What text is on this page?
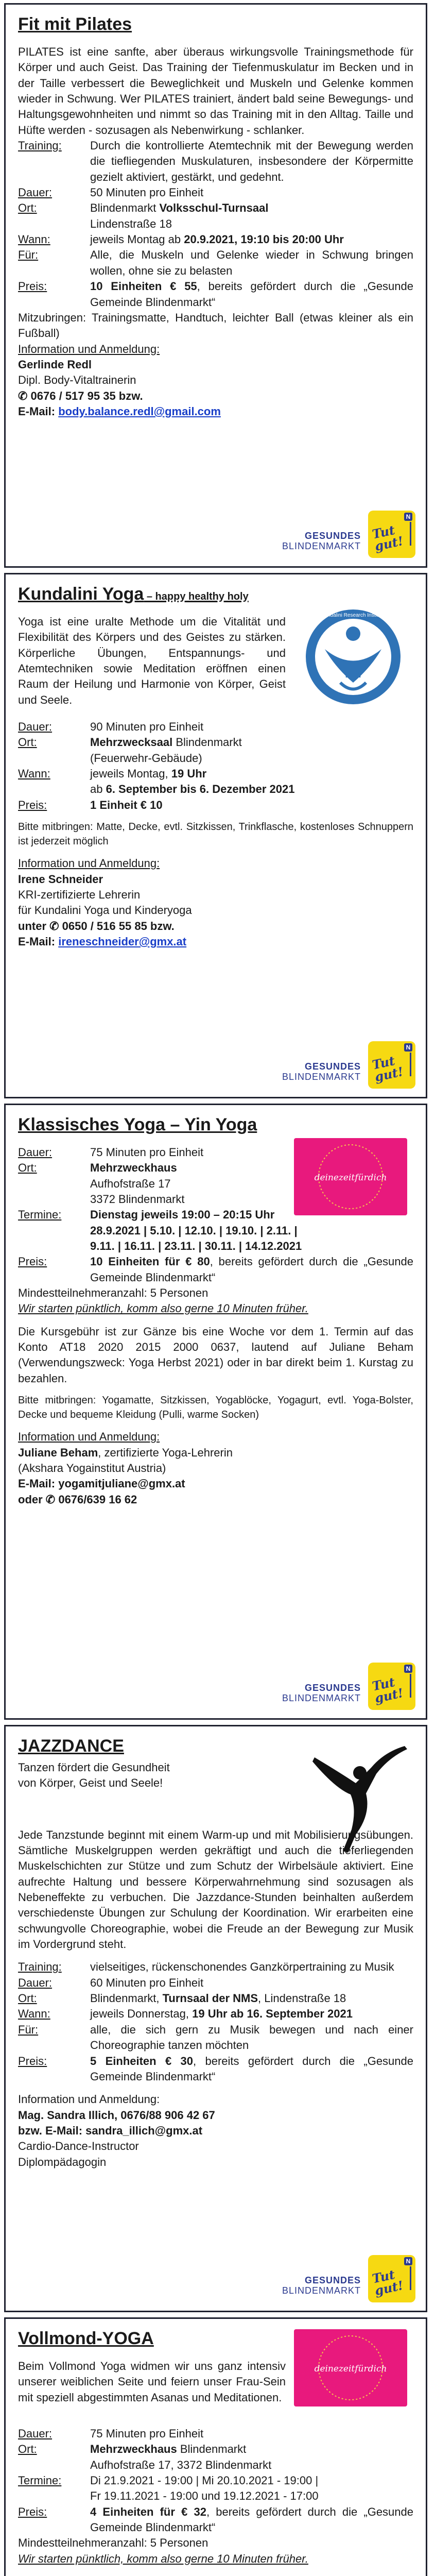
Fit mit Pilates

PILATES ist eine sanfte, aber überaus wirkungsvolle Trainingsmethode für Körper und auch Geist. Das Training der Tiefenmuskulatur im Becken und in der Taille verbessert die Beweglichkeit und Muskeln und Gelenke kommen wieder in Schwung. Wer PILATES trainiert, ändert bald seine Bewegungs- und Haltungsgewohnheiten und nimmt so das Training mit in den Alltag. Taille und Hüfte werden - sozusagen als Nebenwirkung - schlanker.

Training:	Durch die kontrollierte Atemtechnik mit der Bewegung werden die tiefliegenden Muskulaturen, insbesondere der Körpermitte gezielt aktiviert, gestärkt, und gedehnt.
Dauer:	50 Minuten pro Einheit
Ort:	Blindenmarkt Volksschul-Turnsaal
Lindenstraße 18
Wann:	jeweils Montag ab 20.9.2021, 19:10 bis 20:00 Uhr
Für:	Alle, die Muskeln und Gelenke wieder in Schwung bringen wollen, ohne sie zu belasten
Preis:	10 Einheiten € 55, bereits gefördert durch die „Gesunde Gemeinde Blindenmarkt“

Mitzubringen: Trainingsmatte, Handtuch, leichter Ball (etwas kleiner als ein Fußball)

Information und Anmeldung:
Gerlinde Redl
Dipl. Body-Vitaltrainerin
✆ 0676 / 517 95 35 bzw.
E-Mail: body.balance.redl@gmail.com
GESUNDES
BLINDENMARKT
N
Tut gut!
Kundalini Yoga – happy healthy holy
KRI
Kundalini Research Institute

Yoga ist eine uralte Methode um die Vitalität und Flexibilität des Körpers und des Geistes zu stärken. Körperliche Übungen, Entspannungs- und Atemtechniken sowie Meditation eröffnen einen Raum der Heilung und Harmonie von Körper, Geist und Seele.

Dauer:	90 Minuten pro Einheit
Ort:	Mehrzwecksaal Blindenmarkt
(Feuerwehr-Gebäude)
Wann:	jeweils Montag, 19 Uhr
ab 6. September bis 6. Dezember 2021
Preis:	1 Einheit € 10

Bitte mitbringen: Matte, Decke, evtl. Sitzkissen, Trinkflasche, kostenloses Schnuppern ist jederzeit möglich

Information und Anmeldung:
Irene Schneider
KRI-zertifizierte Lehrerin
für Kundalini Yoga und Kinderyoga
unter ✆ 0650 / 516 55 85 bzw.
E-Mail: ireneschneider@gmx.at
GESUNDES
BLINDENMARKT
N
Tut gut!
Klassisches Yoga – Yin Yoga
deinezeitfürdich
Dauer:	75 Minuten pro Einheit
Ort:	Mehrzweckhaus
Aufhofstraße 17
3372 Blindenmarkt
Termine:	Dienstag jeweils 19:00 – 20:15 Uhr
28.9.2021 | 5.10. | 12.10. | 19.10. | 2.11. |
9.11. | 16.11. | 23.11. | 30.11. | 14.12.2021
Preis:	10 Einheiten für € 80, bereits gefördert durch die „Gesunde Gemeinde Blindenmarkt“

Mindestteilnehmeranzahl: 5 Personen

Wir starten pünktlich, komm also gerne 10 Minuten früher.

Die Kursgebühr ist zur Gänze bis eine Woche vor dem 1. Termin auf das Konto AT18 2020 2015 2000 0637, lautend auf Juliane Beham (Verwendungszweck: Yoga Herbst 2021) oder in bar direkt beim 1. Kurstag zu bezahlen.

Bitte mitbringen: Yogamatte, Sitzkissen, Yogablöcke, Yogagurt, evtl. Yoga-Bolster, Decke und bequeme Kleidung (Pulli, warme Socken)

Information und Anmeldung:
Juliane Beham, zertifizierte Yoga-Lehrerin
(Akshara Yogainstitut Austria)
E-Mail: yogamitjuliane@gmx.at
oder ✆ 0676/639 16 62
GESUNDES
BLINDENMARKT
N
Tut gut!
JAZZDANCE

Tanzen fördert die Gesundheit

von Körper, Geist und Seele!

Jede Tanzstunde beginnt mit einem Warm-up und mit Mobilisierungsübungen. Sämtliche Muskelgruppen werden gekräftigt und auch die tieferliegenden Muskelschichten zur Stütze und zum Schutz der Wirbelsäule aktiviert. Eine aufrechte Haltung und bessere Körperwahrnehmung sind sozusagen als Nebeneffekte zu verbuchen. Die Jazzdance-Stunden beinhalten außerdem verschiedenste Übungen zur Schulung der Koordination. Wir erarbeiten eine schwungvolle Choreographie, wobei die Freude an der Bewegung zur Musik im Vordergrund steht.

Training:	vielseitiges, rückenschonendes Ganzkörpertraining zu Musik
Dauer:	60 Minuten pro Einheit
Ort:	Blindenmarkt, Turnsaal der NMS, Lindenstraße 18
Wann:	jeweils Donnerstag, 19 Uhr ab 16. September 2021
Für:	alle, die sich gern zu Musik bewegen und nach einer Choreographie tanzen möchten
Preis:	5 Einheiten € 30, bereits gefördert durch die „Gesunde Gemeinde Blindenmarkt“
Information und Anmeldung:
Mag. Sandra Illich, 0676/88 906 42 67
bzw. E-Mail: sandra_illich@gmx.at
Cardio-Dance-Instructor
Diplompädagogin
GESUNDES
BLINDENMARKT
N
Tut gut!
Vollmond-YOGA
deinezeitfürdich

Beim Vollmond Yoga widmen wir uns ganz intensiv unserer weiblichen Seite und feiern unser Frau-Sein mit speziell abgestimmten Asanas und Meditationen.

Dauer:	75 Minuten pro Einheit
Ort:	Mehrzweckhaus Blindenmarkt
Aufhofstraße 17, 3372 Blindenmarkt
Termine:	Di 21.9.2021 - 19:00 | Mi 20.10.2021 - 19:00 |
Fr 19.11.2021 - 19:00 und 19.12.2021 - 17:00
Preis:	4 Einheiten für € 32, bereits gefördert durch die „Gesunde Gemeinde Blindenmarkt“

Mindestteilnehmeranzahl: 5 Personen

Wir starten pünktlich, komm also gerne 10 Minuten früher.
